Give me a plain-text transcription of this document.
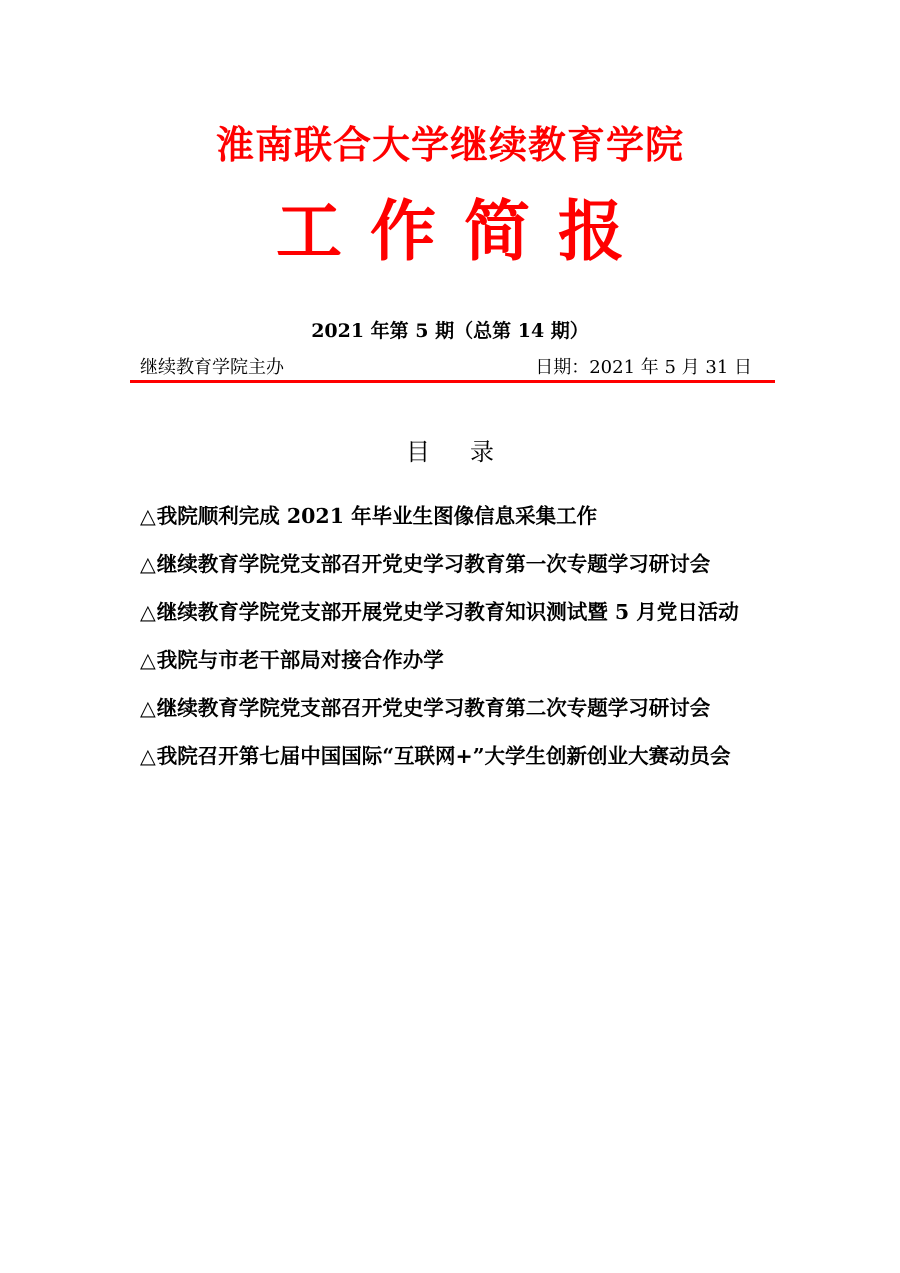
淮南联合大学继续教育学院
工作简报
2021 年第 5 期（总第 14 期）
继续教育学院主办	日期：2021 年 5 月 31 日
目录
△我院顺利完成 2021 年毕业生图像信息采集工作
△继续教育学院党支部召开党史学习教育第一次专题学习研讨会
△继续教育学院党支部开展党史学习教育知识测试暨 5 月党日活动
△我院与市老干部局对接合作办学
△继续教育学院党支部召开党史学习教育第二次专题学习研讨会
△我院召开第七届中国国际“互联网+”大学生创新创业大赛动员会
